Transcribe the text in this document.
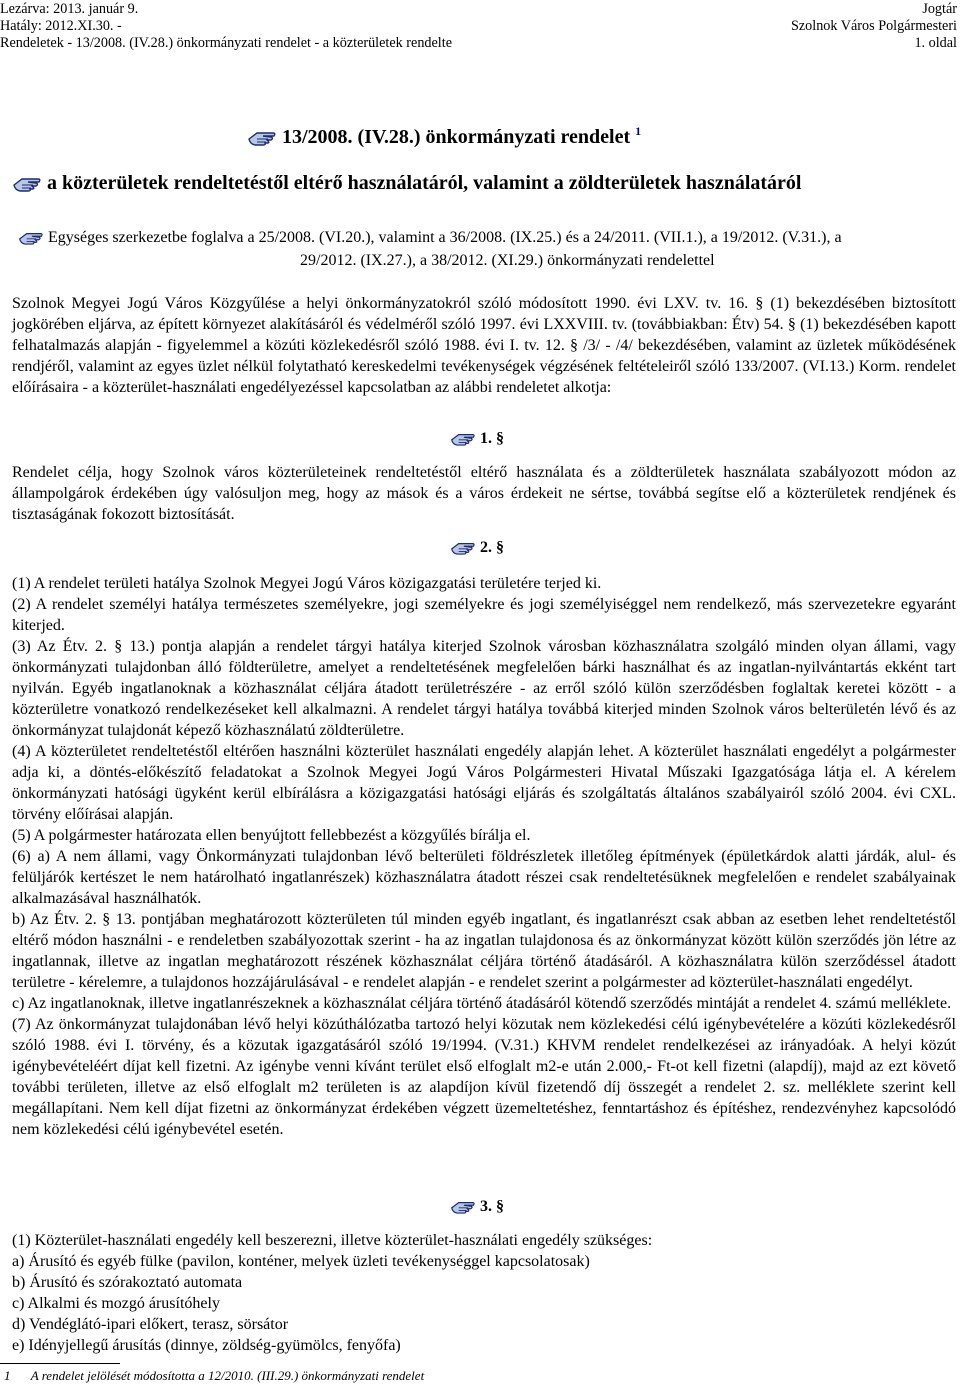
Lezárva: 2013. január 9.
Hatály: 2012.XI.30. -
Rendeletek - 13/2008. (IV.28.) önkormányzati rendelet - a közterületek rendelte
Jogtár
Szolnok Város Polgármesteri
1. oldal
13/2008. (IV.28.) önkormányzati rendelet $^1$
a közterületek rendeltetéstől eltérő használatáról, valamint a zöldterületek használatáról
Egységes szerkezetbe foglalva a 25/2008. (VI.20.), valamint a 36/2008. (IX.25.) és a 24/2011. (VII.1.), a 19/2012. (V.31.), a
29/2012. (IX.27.), a 38/2012. (XI.29.) önkormányzati rendelettel
Szolnok Megyei Jogú Város Közgyűlése a helyi önkormányzatokról szóló módosított 1990. évi LXV. tv. 16. § (1) bekezdésében biztosított jogkörében eljárva, az épített környezet alakításáról és védelméről szóló 1997. évi LXXVIII. tv. (továbbiakban: Étv) 54. § (1) bekezdésében kapott felhatalmazás alapján - figyelemmel a közúti közlekedésről szóló 1988. évi I. tv. 12. § /3/ - /4/ bekezdésében, valamint az üzletek működésének rendjéről, valamint az egyes üzlet nélkül folytatható kereskedelmi tevékenységek végzésének feltételeiről szóló 133/2007. (VI.13.) Korm. rendelet előírásaira - a közterület-használati engedélyezéssel kapcsolatban az alábbi rendeletet alkotja:
1. §
Rendelet célja, hogy Szolnok város közterületeinek rendeltetéstől eltérő használata és a zöldterületek használata szabályozott módon az állampolgárok érdekében úgy valósuljon meg, hogy az mások és a város érdekeit ne sértse, továbbá segítse elő a közterületek rendjének és tisztaságának fokozott biztosítását.
2. §
(1) A rendelet területi hatálya Szolnok Megyei Jogú Város közigazgatási területére terjed ki.
(2) A rendelet személyi hatálya természetes személyekre, jogi személyekre és jogi személyiséggel nem rendelkező, más szervezetekre egyaránt kiterjed.
(3) Az Étv. 2. § 13.) pontja alapján a rendelet tárgyi hatálya kiterjed Szolnok városban közhasználatra szolgáló minden olyan állami, vagy önkormányzati tulajdonban álló földterületre, amelyet a rendeltetésének megfelelően bárki használhat és az ingatlan-nyilvántartás ekként tart nyilván. Egyéb ingatlanoknak a közhasználat céljára átadott területrészére - az erről szóló külön szerződésben foglaltak keretei között - a közterületre vonatkozó rendelkezéseket kell alkalmazni. A rendelet tárgyi hatálya továbbá kiterjed minden Szolnok város belterületén lévő és az önkormányzat tulajdonát képező közhasználatú zöldterületre.
(4) A közterületet rendeltetéstől eltérően használni közterület használati engedély alapján lehet. A közterület használati engedélyt a polgármester adja ki, a döntés-előkészítő feladatokat a Szolnok Megyei Jogú Város Polgármesteri Hivatal Műszaki Igazgatósága látja el. A kérelem önkormányzati hatósági ügyként kerül elbírálásra a közigazgatási hatósági eljárás és szolgáltatás általános szabályairól szóló 2004. évi CXL. törvény előírásai alapján.
(5) A polgármester határozata ellen benyújtott fellebbezést a közgyűlés bírálja el.
(6) a) A nem állami, vagy Önkormányzati tulajdonban lévő belterületi földrészletek illetőleg építmények (épületkárdok alatti járdák, alul- és felüljárók kertészet le nem határolható ingatlanrészek) közhasználatra átadott részei csak rendeltetésüknek megfelelően e rendelet szabályainak alkalmazásával használhatók.
b) Az Étv. 2. § 13. pontjában meghatározott közterületen túl minden egyéb ingatlant, és ingatlanrészt csak abban az esetben lehet rendeltetéstől eltérő módon használni - e rendeletben szabályozottak szerint - ha az ingatlan tulajdonosa és az önkormányzat között külön szerződés jön létre az ingatlannak, illetve az ingatlan meghatározott részének közhasználat céljára történő átadásáról. A közhasználatra külön szerződéssel átadott területre - kérelemre, a tulajdonos hozzájárulásával - e rendelet alapján - e rendelet szerint a polgármester ad közterület-használati engedélyt.
c) Az ingatlanoknak, illetve ingatlanrészeknek a közhasználat céljára történő átadásáról kötendő szerződés mintáját a rendelet 4. számú melléklete.
(7) Az önkormányzat tulajdonában lévő helyi közúthálózatba tartozó helyi közutak nem közlekedési célú igénybevételére a közúti közlekedésről szóló 1988. évi I. törvény, és a közutak igazgatásáról szóló 19/1994. (V.31.) KHVM rendelet rendelkezései az irányadóak. A helyi közút igénybevételéért díjat kell fizetni. Az igénybe venni kívánt terület első elfoglalt m2-e után 2.000,- Ft-ot kell fizetni (alapdíj), majd az ezt követő további területen, illetve az első elfoglalt m2 területen is az alapdíjon kívül fizetendő díj összegét a rendelet 2. sz. melléklete szerint kell megállapítani. Nem kell díjat fizetni az önkormányzat érdekében végzett üzemeltetéshez, fenntartáshoz és építéshez, rendezvényhez kapcsolódó nem közlekedési célú igénybevétel esetén.
3. §
(1) Közterület-használati engedély kell beszerezni, illetve közterület-használati engedély szükséges:
a) Árusító és egyéb fülke (pavilon, konténer, melyek üzleti tevékenységgel kapcsolatosak)
b) Árusító és szórakoztató automata
c) Alkalmi és mozgó árusítóhely
d) Vendéglátó-ipari előkert, terasz, sörsátor
e) Idényjellegű árusítás (dinnye, zöldség-gyümölcs, fenyőfa)
1 A rendelet jelölését módosította a 12/2010. (III.29.) önkormányzati rendelet
